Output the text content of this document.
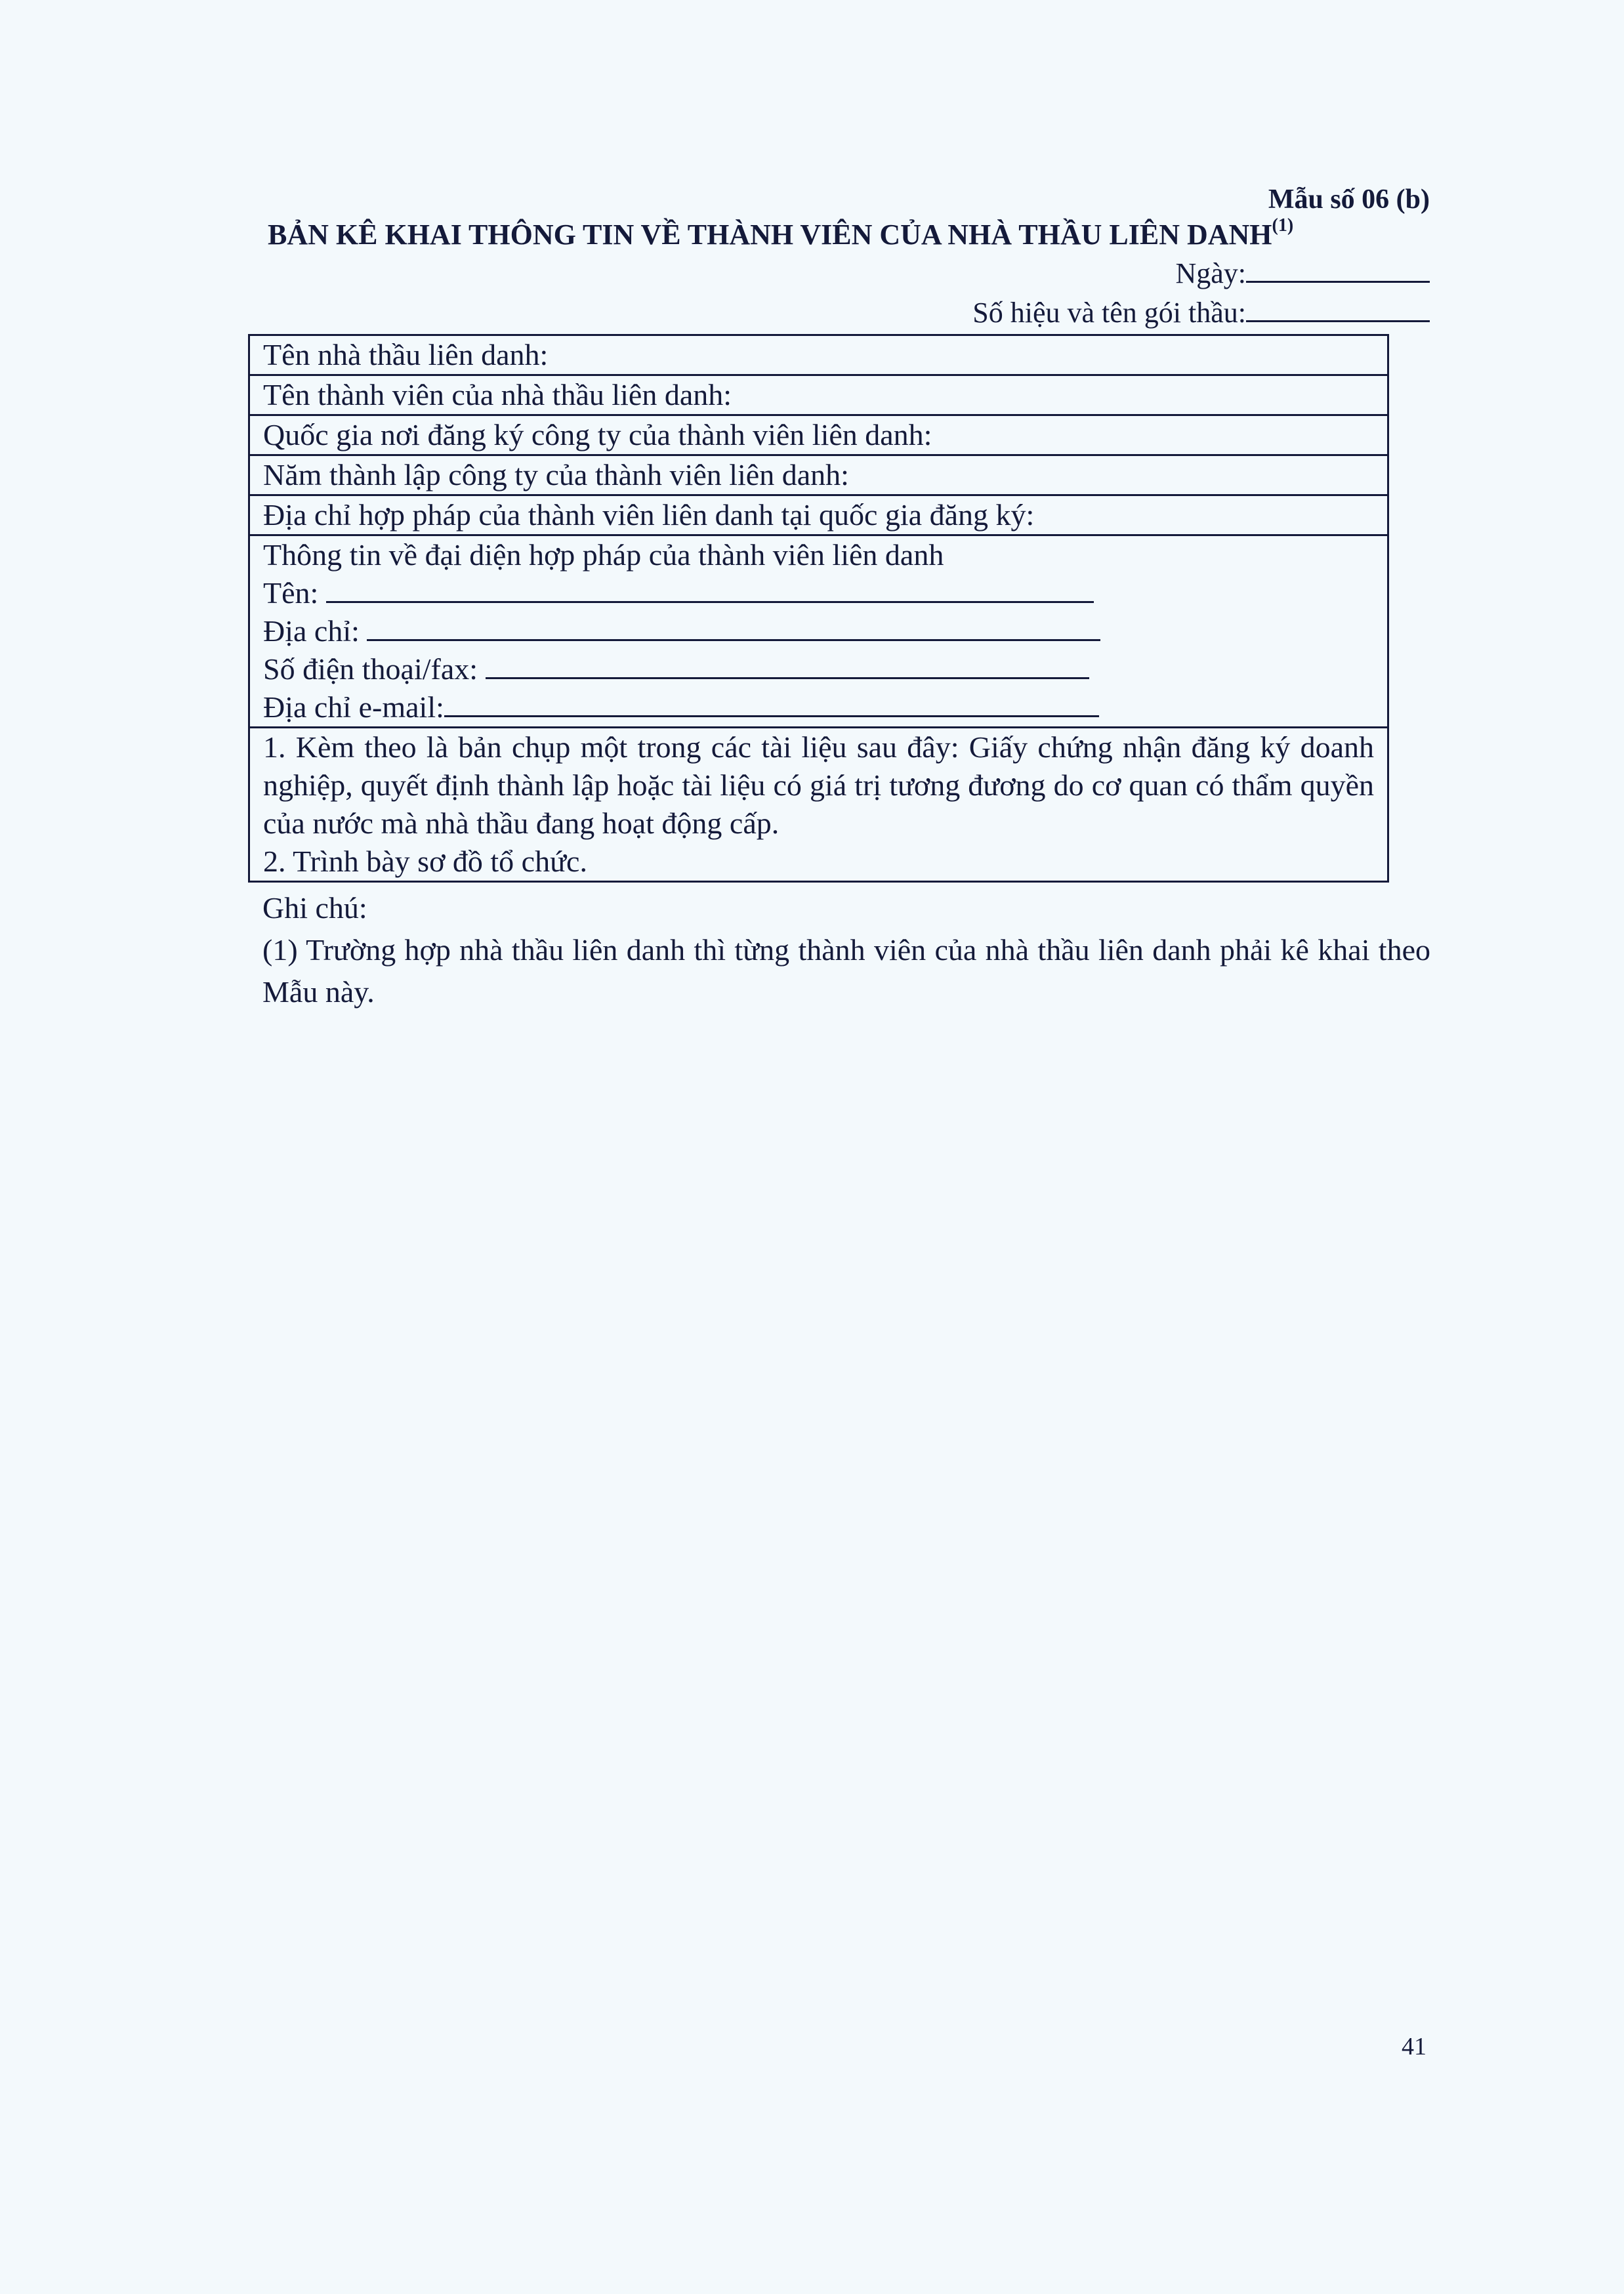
Mẫu số 06 (b)
BẢN KÊ KHAI THÔNG TIN VỀ THÀNH VIÊN CỦA NHÀ THẦU LIÊN DANH$^{(1)}$
Ngày:
Số hiệu và tên gói thầu:
Tên nhà thầu liên danh:
Tên thành viên của nhà thầu liên danh:
Quốc gia nơi đăng ký công ty của thành viên liên danh:
Năm thành lập công ty của thành viên liên danh:
Địa chỉ hợp pháp của thành viên liên danh tại quốc gia đăng ký:

Thông tin về đại diện hợp pháp của thành viên liên danh
Tên:
Địa chỉ:
Số điện thoại/fax:
Địa chỉ e-mail:

1. Kèm theo là bản chụp một trong các tài liệu sau đây: Giấy chứng nhận đăng ký doanh nghiệp, quyết định thành lập hoặc tài liệu có giá trị tương đương do cơ quan có thẩm quyền của nước mà nhà thầu đang hoạt động cấp.

2. Trình bày sơ đồ tổ chức.

Ghi chú:

(1) Trường hợp nhà thầu liên danh thì từng thành viên của nhà thầu liên danh phải kê khai theo Mẫu này.

41
